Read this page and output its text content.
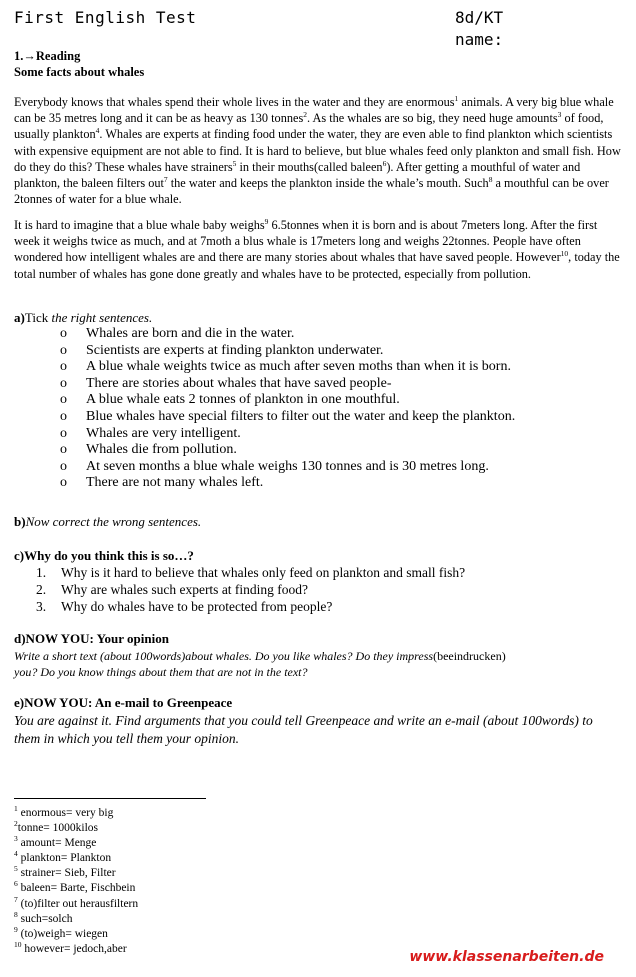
First English Test	8d/KT
name:
1.→Reading
Some facts about whales
Everybody knows that whales spend their whole lives in the water and they are enormous$^1$ animals. A very big blue whale can be 35 metres long and it can be as heavy as 130 tonnes$^2$. As the whales are so big, they need huge amounts$^3$ of food, usually plankton$^4$. Whales are experts at finding food under the water, they are even able to find plankton which scientists with expensive equipment are not able to find. It is hard to believe, but blue whales feed only plankton and small fish. How do they do this? These whales have strainers$^5$ in their mouths(called baleen$^6$). After getting a mouthful of water and plankton, the baleen filters out$^7$ the water and keeps the plankton inside the whale’s mouth. Such$^8$ a mouthful can be over 2tonnes of water for a blue whale.
It is hard to imagine that a blue whale baby weighs$^9$ 6.5tonnes when it is born and is about 7meters long. After the first week it weighs twice as much, and at 7moth a blus whale is 17meters long and weighs 22tonnes. People have often wondered how intelligent whales are and there are many stories about whales that have saved people. However$^{10}$, today the total number of whales has gone done greatly and whales have to be protected, especially from pollution.
a)Tick the right sentences.
o	Whales are born and die in the water.
o	Scientists are experts at finding plankton underwater.
o	A blue whale weights twice as much after seven moths than when it is born.
o	There are stories about whales that have saved people-
o	A blue whale eats 2 tonnes of plankton in one mouthful.
o	Blue whales have special filters to filter out the water and keep the plankton.
o	Whales are very intelligent.
o	Whales die from pollution.
o	At seven months a blue whale weighs 130 tonnes and is 30 metres long.
o	There are not many whales left.
b)Now correct the wrong sentences.
c)Why do you think this is so…?
1.	Why is it hard to believe that whales only feed on plankton and small fish?
2.	Why are whales such experts at finding food?
3.	Why do whales have to be protected from people?
d)NOW YOU: Your opinion
Write a short text (about 100words)about whales. Do you like whales? Do they impress(beeindrucken)
you? Do you know things about them that are not in the text?
e)NOW YOU: An e-mail to Greenpeace
You are against it. Find arguments that you could tell Greenpeace and write an e-mail (about 100words) to them in which you tell them your opinion.
$^1$ enormous= very big
$^2$tonne= 1000kilos
$^3$ amount= Menge
$^4$ plankton= Plankton
$^5$ strainer= Sieb, Filter
$^6$ baleen= Barte, Fischbein
$^7$ (to)filter out herausfiltern
$^8$ such=solch
$^9$ (to)weigh= wiegen
$^{10}$ however= jedoch,aber
www.klassenarbeiten.de
